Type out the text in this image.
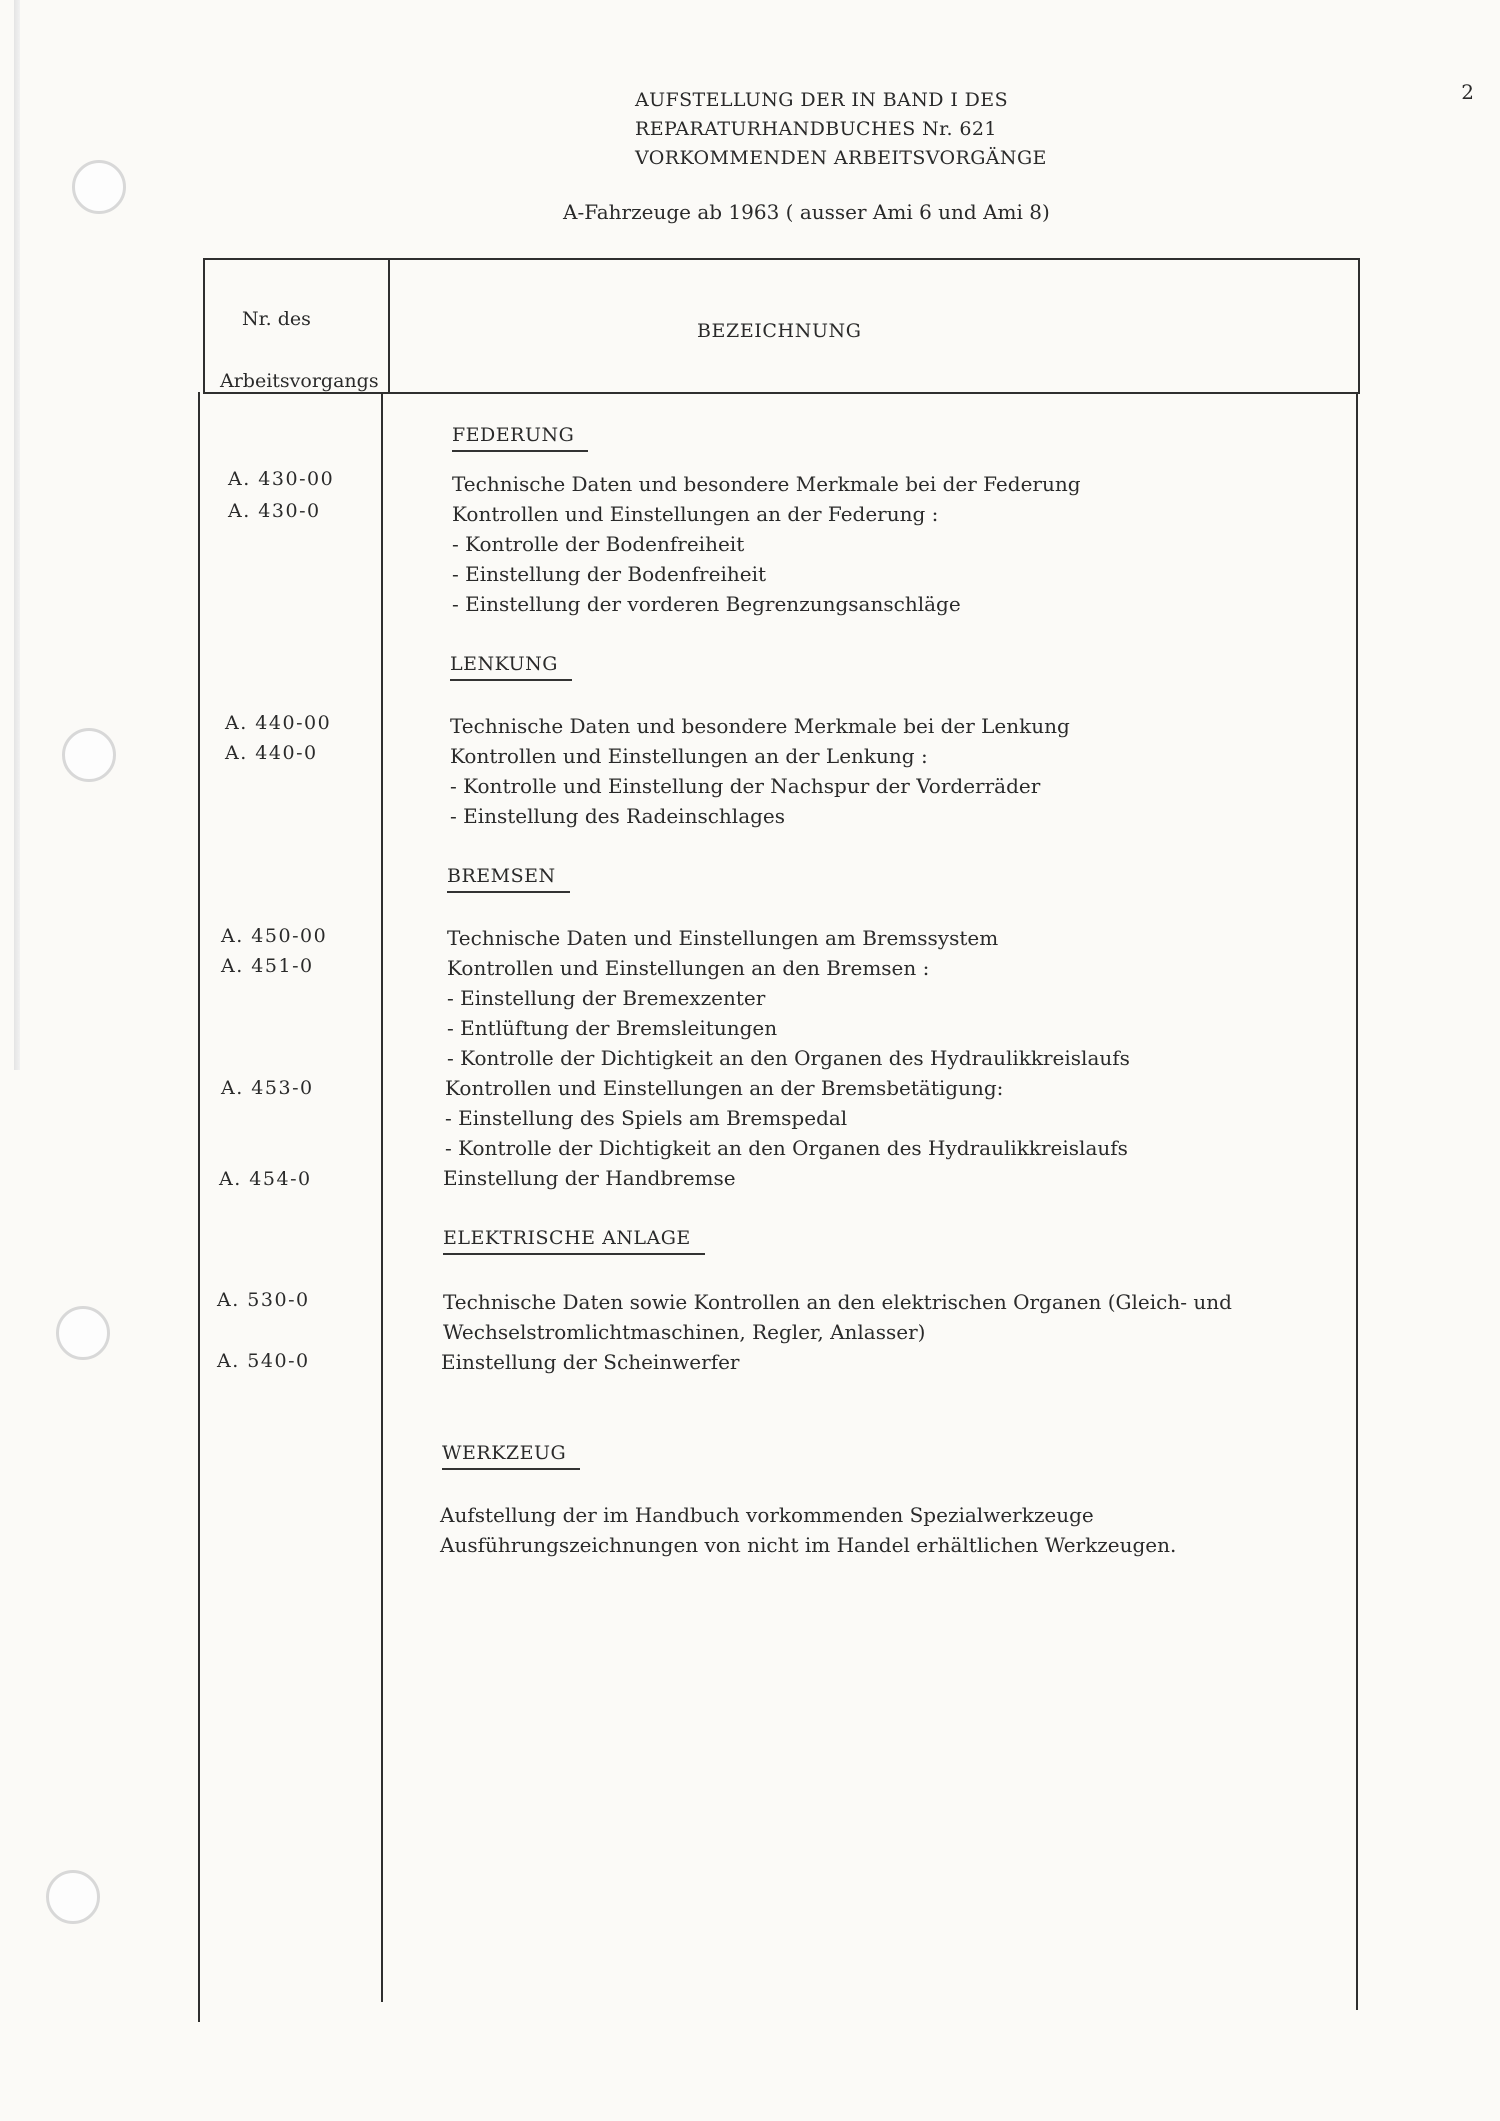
2
AUFSTELLUNG DER IN BAND I DES
REPARATURHANDBUCHES Nr. 621
VORKOMMENDEN ARBEITSVORGÄNGE
A-Fahrzeuge ab 1963 ( ausser Ami 6 und Ami 8)
Nr. des
Arbeitsvorgangs
BEZEICHNUNG
FEDERUNG
A. 430-00	Technische Daten und besondere Merkmale bei der Federung
A. 430-0	Kontrollen und Einstellungen an der Federung :
- Kontrolle der Bodenfreiheit
- Einstellung der Bodenfreiheit
- Einstellung der vorderen Begrenzungsanschläge
LENKUNG
A. 440-00	Technische Daten und besondere Merkmale bei der Lenkung
A. 440-0	Kontrollen und Einstellungen an der Lenkung :
- Kontrolle und Einstellung der Nachspur der Vorderräder
- Einstellung des Radeinschlages
BREMSEN
A. 450-00	Technische Daten und Einstellungen am Bremssystem
A. 451-0	Kontrollen und Einstellungen an den Bremsen :
- Einstellung der Bremexzenter
- Entlüftung der Bremsleitungen
- Kontrolle der Dichtigkeit an den Organen des Hydraulikkreislaufs
A. 453-0	Kontrollen und Einstellungen an der Bremsbetätigung:
- Einstellung des Spiels am Bremspedal
- Kontrolle der Dichtigkeit an den Organen des Hydraulikkreislaufs
A. 454-0	Einstellung der Handbremse
ELEKTRISCHE ANLAGE
A. 530-0	Technische Daten sowie Kontrollen an den elektrischen Organen (Gleich- und
Wechselstromlichtmaschinen, Regler, Anlasser)
A. 540-0	Einstellung der Scheinwerfer
WERKZEUG
Aufstellung der im Handbuch vorkommenden Spezialwerkzeuge
Ausführungszeichnungen von nicht im Handel erhältlichen Werkzeugen.
